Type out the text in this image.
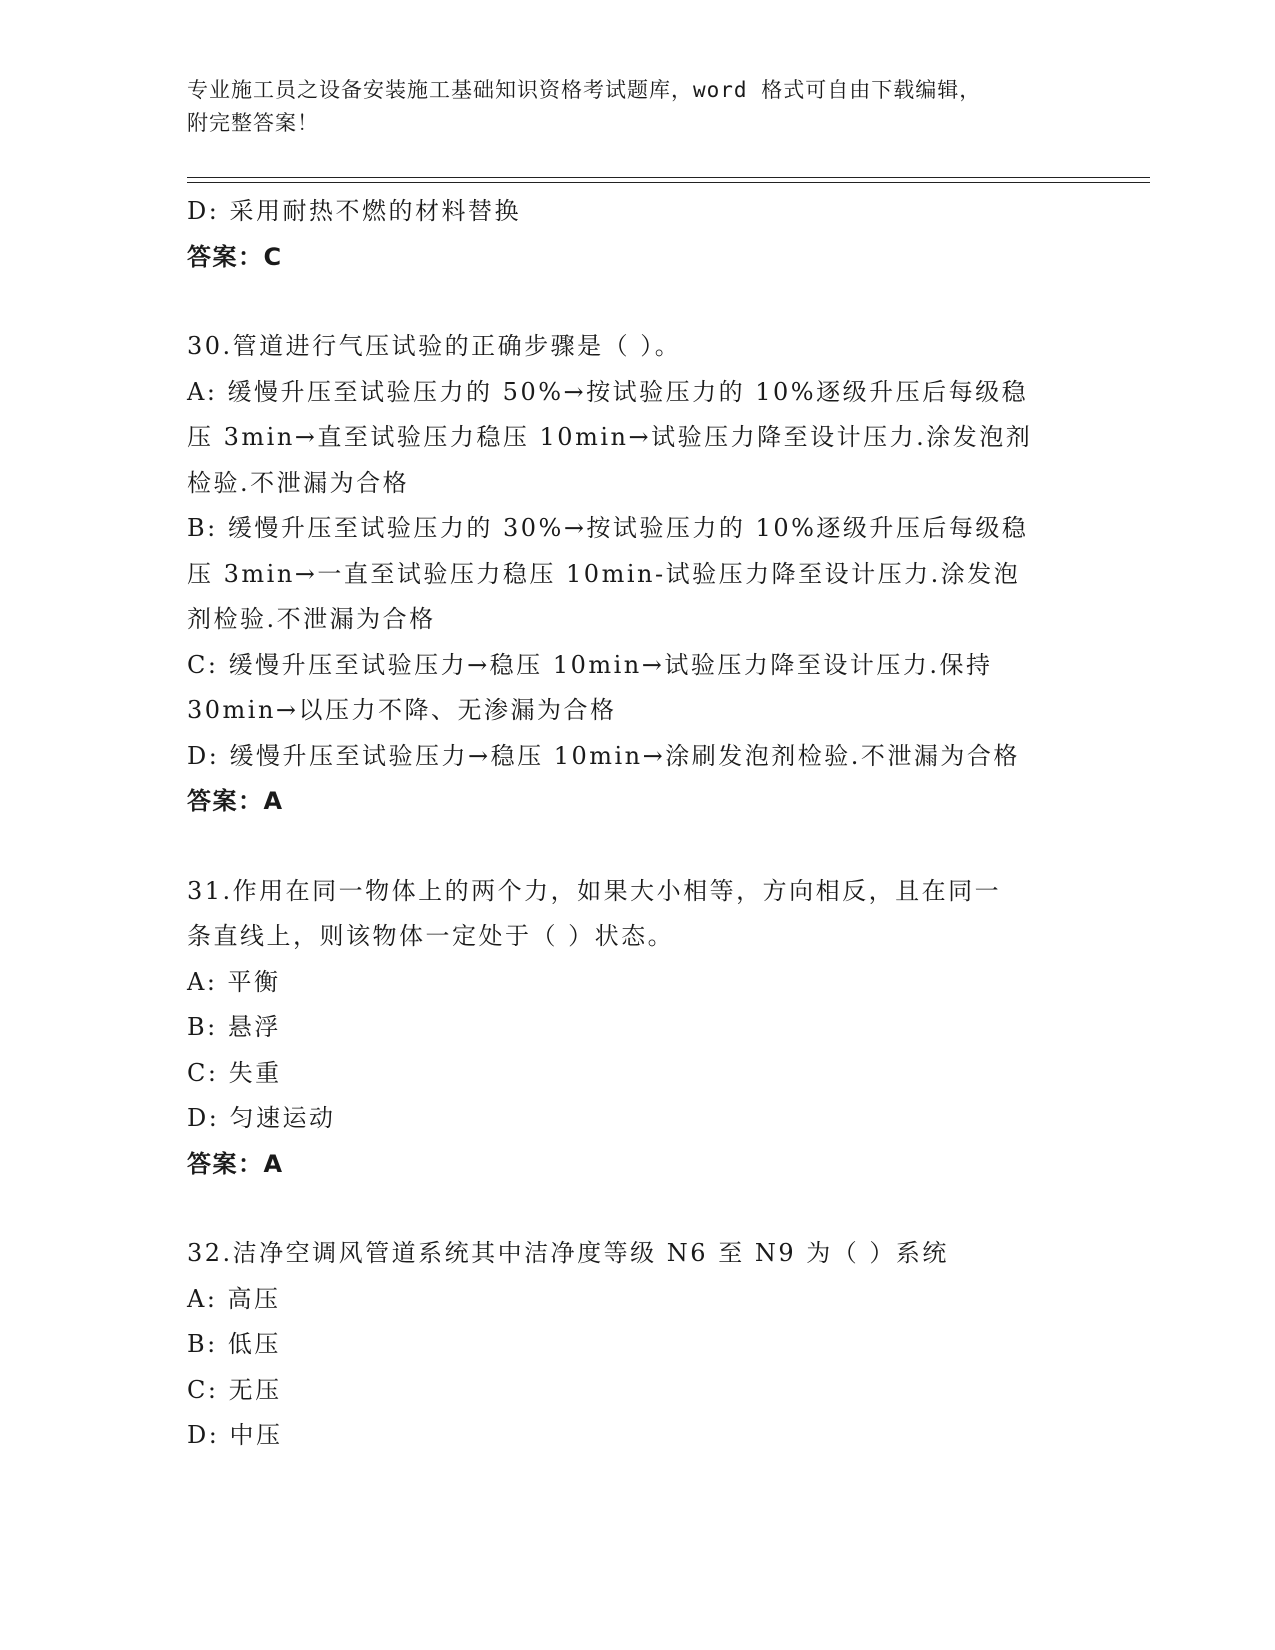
专业施工员之设备安装施工基础知识资格考试题库，word 格式可自由下载编辑，

附完整答案！

D: 采用耐热不燃的材料替换
答案：C
30.管道进行气压试验的正确步骤是（ ）。
A: 缓慢升压至试验压力的 50%→按试验压力的 10%逐级升压后每级稳
压 3min→直至试验压力稳压 10min→试验压力降至设计压力.涂发泡剂
检验.不泄漏为合格
B: 缓慢升压至试验压力的 30%→按试验压力的 10%逐级升压后每级稳
压 3min→一直至试验压力稳压 10min-试验压力降至设计压力.涂发泡
剂检验.不泄漏为合格
C: 缓慢升压至试验压力→稳压 10min→试验压力降至设计压力.保持
30min→以压力不降、无渗漏为合格
D: 缓慢升压至试验压力→稳压 10min→涂刷发泡剂检验.不泄漏为合格
答案：A
31.作用在同一物体上的两个力，如果大小相等，方向相反，且在同一
条直线上，则该物体一定处于（ ）状态。
A: 平衡
B: 悬浮
C: 失重
D: 匀速运动
答案：A
32.洁净空调风管道系统其中洁净度等级 N6 至 N9 为（ ）系统
A: 高压
B: 低压
C: 无压
D: 中压
